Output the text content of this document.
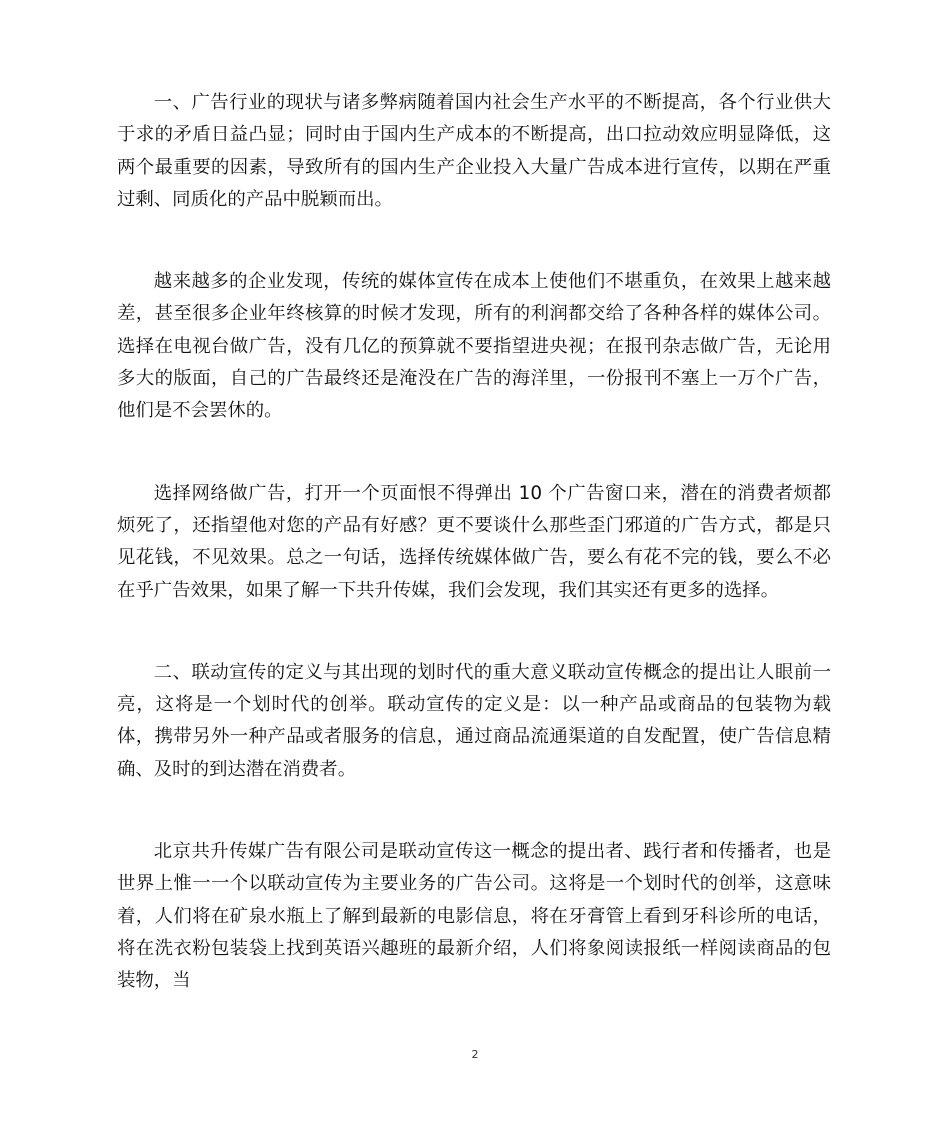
一、广告行业的现状与诸多弊病随着国内社会生产水平的不断提高，各个行业供大于求的矛盾日益凸显；同时由于国内生产成本的不断提高，出口拉动效应明显降低，这两个最重要的因素，导致所有的国内生产企业投入大量广告成本进行宣传，以期在严重过剩、同质化的产品中脱颖而出。

越来越多的企业发现，传统的媒体宣传在成本上使他们不堪重负，在效果上越来越差，甚至很多企业年终核算的时候才发现，所有的利润都交给了各种各样的媒体公司。选择在电视台做广告，没有几亿的预算就不要指望进央视；在报刊杂志做广告，无论用多大的版面，自己的广告最终还是淹没在广告的海洋里，一份报刊不塞上一万个广告，他们是不会罢休的。

选择网络做广告，打开一个页面恨不得弹出 10 个广告窗口来，潜在的消费者烦都烦死了，还指望他对您的产品有好感？更不要谈什么那些歪门邪道的广告方式，都是只见花钱，不见效果。总之一句话，选择传统媒体做广告，要么有花不完的钱，要么不必在乎广告效果，如果了解一下共升传媒，我们会发现，我们其实还有更多的选择。

二、联动宣传的定义与其出现的划时代的重大意义联动宣传概念的提出让人眼前一亮，这将是一个划时代的创举。联动宣传的定义是：以一种产品或商品的包装物为载体，携带另外一种产品或者服务的信息，通过商品流通渠道的自发配置，使广告信息精确、及时的到达潜在消费者。

北京共升传媒广告有限公司是联动宣传这一概念的提出者、践行者和传播者，也是世界上惟一一个以联动宣传为主要业务的广告公司。这将是一个划时代的创举，这意味着，人们将在矿泉水瓶上了解到最新的电影信息，将在牙膏管上看到牙科诊所的电话，将在洗衣粉包装袋上找到英语兴趣班的最新介绍，人们将象阅读报纸一样阅读商品的包装物，当

2
